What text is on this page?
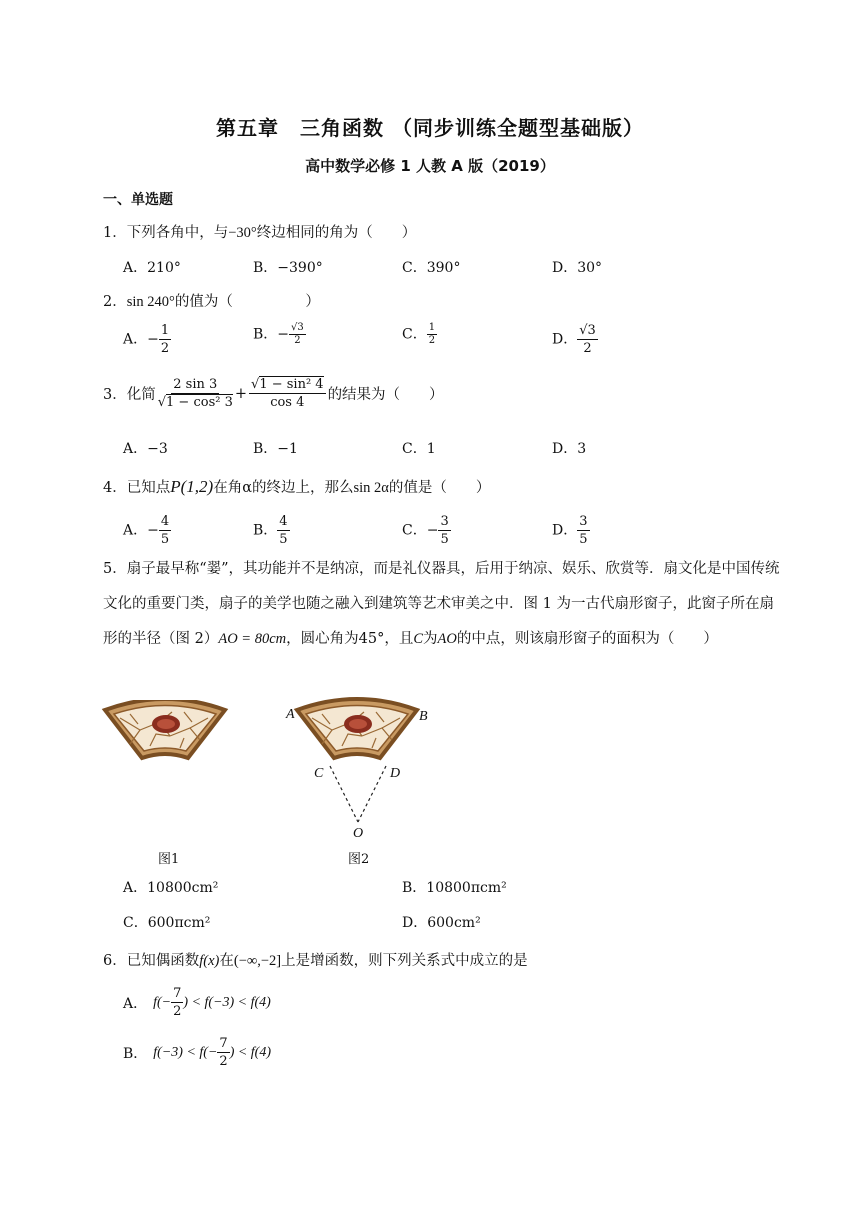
第五章　三角函数 （同步训练全题型基础版）
高中数学必修 1 人教 A 版（2019）
一、单选题
1．下列各角中，与−30°终边相同的角为（　　）
A．210°	B．−390°	C．390°	D．30°
2．sin 240°的值为（　　　　　）
A．− $\frac{1}{2}$	B．− $\frac{√3}{2}$	C． $\frac{1}{2}$	D． $\frac{√3}{2}$
3． 化简 $\frac{2 \sin 3}{\text{√1 − cos² 3}} + \frac{\text{√1 − sin² 4}}{\cos 4}$ 的结果为（　　）
A．−3	B．−1	C．1	D．3
4．已知点P(1,2)在角α的终边上，那么sin 2α的值是（　　）
A．− $\frac{4}{5}$	B． $\frac{4}{5}$	C．− $\frac{3}{5}$	D． $\frac{3}{5}$
5．扇子最早称“翣”，其功能并不是纳凉，而是礼仪器具，后用于纳凉、娱乐、欣赏等．扇文化是中国传统文化的重要门类，扇子的美学也随之融入到建筑等艺术审美之中．图 1 为一古代扇形窗子，此窗子所在扇形的半径（图 2）AO = 80cm，圆心角为45°，且C为AO的中点，则该扇形窗子的面积为（　　）
图1
A	B
C	D
O
图2
A．10800cm²	B．10800πcm²
C．600πcm²	D．600cm²
6．已知偶函数f(x)在(−∞,−2]上是增函数，则下列关系式中成立的是
A． $f(- \frac{7}{2}$ ) < f(−3) < f(4)
B． $f(-3) < f(- \frac{7}{2}$ ) < f(4)
